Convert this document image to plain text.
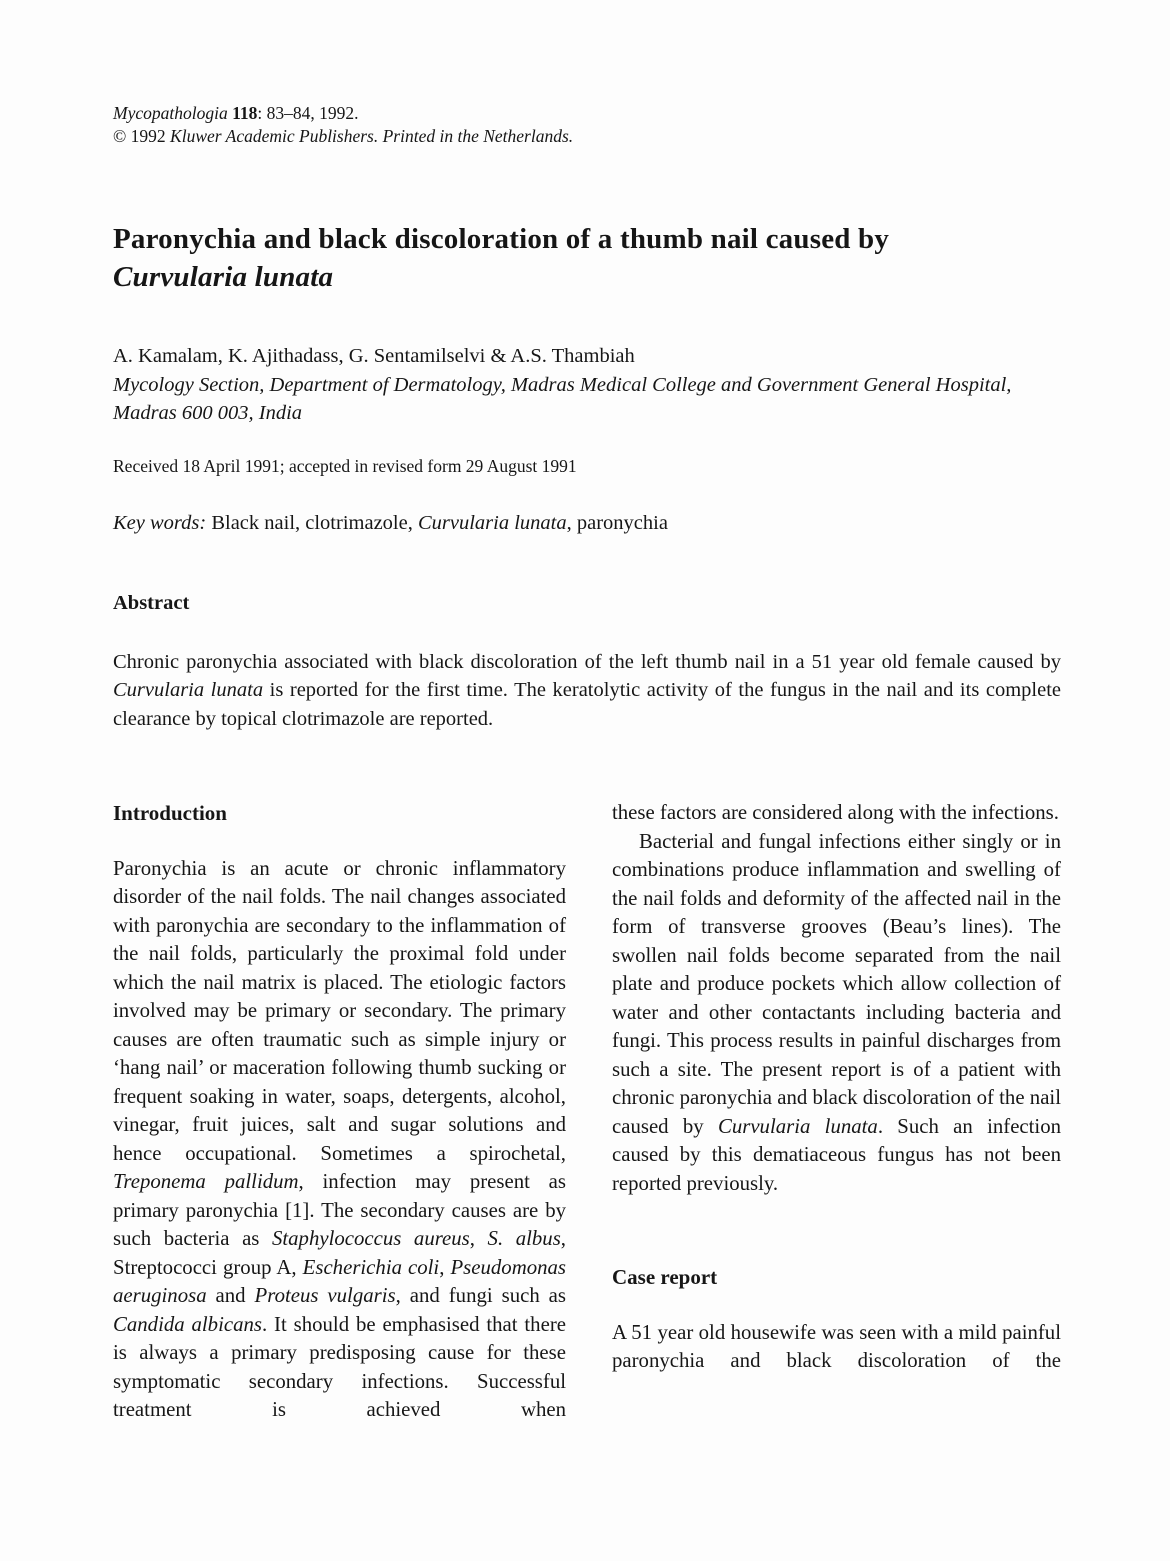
Mycopathologia 118: 83–84, 1992.
© 1992 Kluwer Academic Publishers. Printed in the Netherlands.
Paronychia and black discoloration of a thumb nail caused by
Curvularia lunata
A. Kamalam, K. Ajithadass, G. Sentamilselvi & A.S. Thambiah
Mycology Section, Department of Dermatology, Madras Medical College and Government General Hospital, Madras 600 003, India
Received 18 April 1991; accepted in revised form 29 August 1991
Key words: Black nail, clotrimazole, Curvularia lunata, paronychia
Abstract

Chronic paronychia associated with black discoloration of the left thumb nail in a 51 year old female caused by Curvularia lunata is reported for the first time. The keratolytic activity of the fungus in the nail and its complete clearance by topical clotrimazole are reported.

Introduction

Paronychia is an acute or chronic inflammatory disorder of the nail folds. The nail changes associated with paronychia are secondary to the inflammation of the nail folds, particularly the proximal fold under which the nail matrix is placed. The etiologic factors involved may be primary or secondary. The primary causes are often traumatic such as simple injury or ‘hang nail’ or maceration following thumb sucking or frequent soaking in water, soaps, detergents, alcohol, vinegar, fruit juices, salt and sugar solutions and hence occupational. Sometimes a spirochetal, Treponema pallidum, infection may present as primary paronychia [1]. The secondary causes are by such bacteria as Staphylococcus aureus, S. albus, Streptococci group A, Escherichia coli, Pseudomonas aeruginosa and Proteus vulgaris, and fungi such as Candida albicans. It should be emphasised that there is always a primary predisposing cause for these symptomatic secondary infections. Successful treatment is achieved when

these factors are considered along with the infections.

Bacterial and fungal infections either singly or in combinations produce inflammation and swelling of the nail folds and deformity of the affected nail in the form of transverse grooves (Beau’s lines). The swollen nail folds become separated from the nail plate and produce pockets which allow collection of water and other contactants including bacteria and fungi. This process results in painful discharges from such a site. The present report is of a patient with chronic paronychia and black discoloration of the nail caused by Curvularia lunata. Such an infection caused by this dematiaceous fungus has not been reported previously.

Case report

A 51 year old housewife was seen with a mild painful paronychia and black discoloration of the
